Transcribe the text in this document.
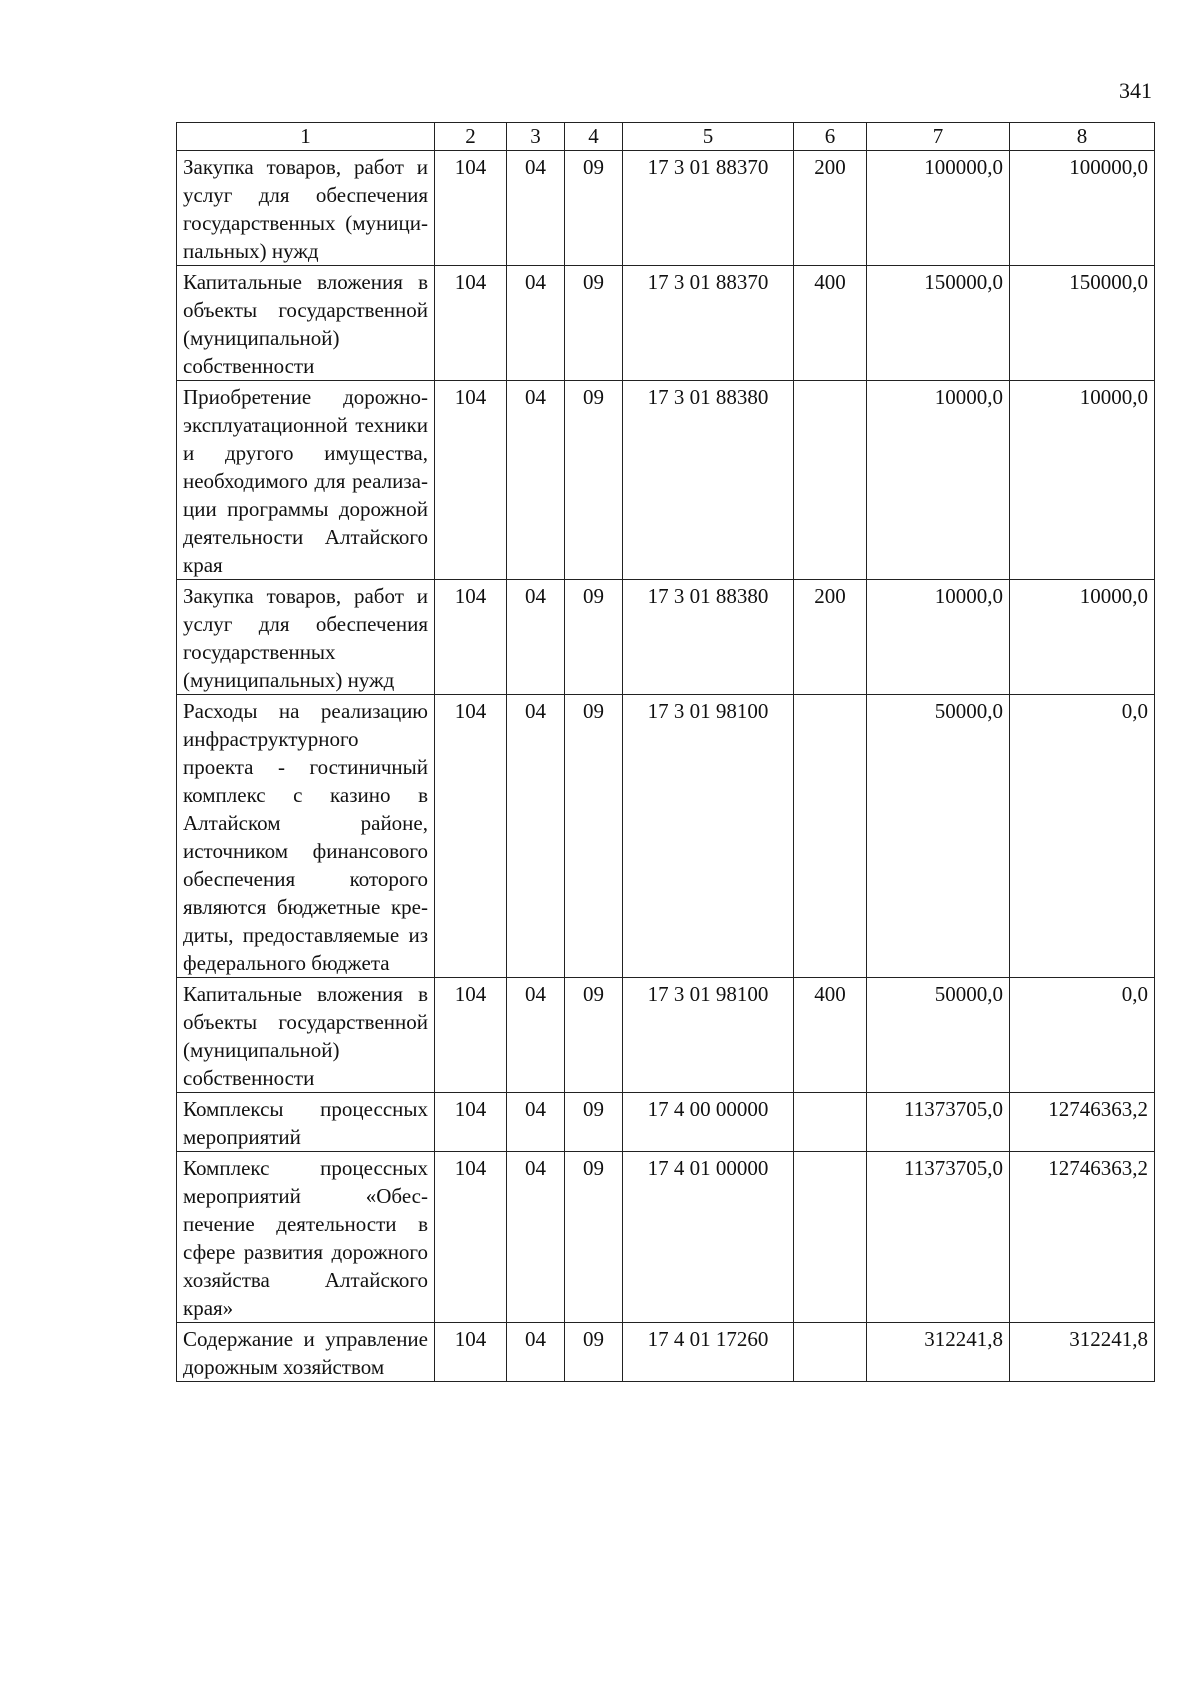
341
1	2	3	4	5	6	7	8
Закупка товаров, работ и услуг для обеспечения государственных (муниципальных) нужд	104	04	09	17 3 01 88370	200	100000,0	100000,0
Капитальные вложения в объекты государственной (муниципальной) собственности	104	04	09	17 3 01 88370	400	150000,0	150000,0
Приобретение дорожно-эксплуатационной техники и другого имущества, необходимого для реализации программы дорожной деятельности Алтайского края	104	04	09	17 3 01 88380		10000,0	10000,0
Закупка товаров, работ и услуг для обеспечения государственных (муниципальных) нужд	104	04	09	17 3 01 88380	200	10000,0	10000,0
Расходы на реализацию инфраструктурного проекта - гостиничный комплекс с казино в Алтайском районе, источником финансового обеспечения которого являются бюджетные кредиты, предоставляемые из федерального бюджета	104	04	09	17 3 01 98100		50000,0	0,0
Капитальные вложения в объекты государственной (муниципальной) собственности	104	04	09	17 3 01 98100	400	50000,0	0,0
Комплексы процессных мероприятий	104	04	09	17 4 00 00000		11373705,0	12746363,2
Комплекс процессных мероприятий «Обеспечение деятельности в сфере развития дорожного хозяйства Алтайского края»	104	04	09	17 4 01 00000		11373705,0	12746363,2
Содержание и управление дорожным хозяйством	104	04	09	17 4 01 17260		312241,8	312241,8
